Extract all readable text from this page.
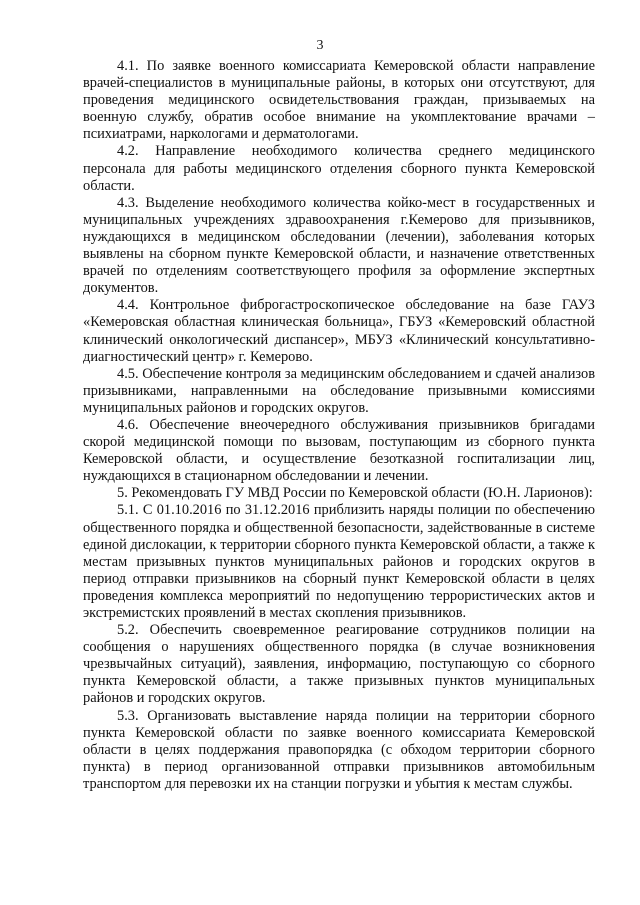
3

4.1. По заявке военного комиссариата Кемеровской области направление врачей-специалистов в муниципальные районы, в которых они отсутствуют, для проведения медицинского освидетельствования граждан, призываемых на военную службу, обратив особое внимание на укомплектование врачами – психиатрами, наркологами и дерматологами.

4.2. Направление необходимого количества среднего медицинского персонала для работы медицинского отделения сборного пункта Кемеровской области.

4.3. Выделение необходимого количества койко-мест в государственных и муниципальных учреждениях здравоохранения г.Кемерово для призывников, нуждающихся в медицинском обследовании (лечении), заболевания которых выявлены на сборном пункте Кемеровской области, и назначение ответственных врачей по отделениям соответствующего профиля за оформление экспертных документов.

4.4. Контрольное фиброгастроскопическое обследование на базе ГАУЗ «Кемеровская областная клиническая больница», ГБУЗ «Кемеровский областной клинический онкологический диспансер», МБУЗ «Клинический консультативно-диагностический центр» г. Кемерово.

4.5. Обеспечение контроля за медицинским обследованием и сдачей анализов призывниками, направленными на обследование призывными комиссиями муниципальных районов и городских округов.

4.6. Обеспечение внеочередного обслуживания призывников бригадами скорой медицинской помощи по вызовам, поступающим из сборного пункта Кемеровской области, и осуществление безотказной госпитализации лиц, нуждающихся в стационарном обследовании и лечении.

5. Рекомендовать ГУ МВД России по Кемеровской области (Ю.Н. Ларионов):

5.1. С 01.10.2016 по 31.12.2016 приблизить наряды полиции по обеспечению общественного порядка и общественной безопасности, задействованные в системе единой дислокации, к территории сборного пункта Кемеровской области, а также к местам призывных пунктов муниципальных районов и городских округов в период отправки призывников на сборный пункт Кемеровской области в целях проведения комплекса мероприятий по недопущению террористических актов и экстремистских проявлений в местах скопления призывников.

5.2. Обеспечить своевременное реагирование сотрудников полиции на сообщения о нарушениях общественного порядка (в случае возникновения чрезвычайных ситуаций), заявления, информацию, поступающую со сборного пункта Кемеровской области, а также призывных пунктов муниципальных районов и городских округов.

5.3. Организовать выставление наряда полиции на территории сборного пункта Кемеровской области по заявке военного комиссариата Кемеровской области в целях поддержания правопорядка (с обходом территории сборного пункта) в период организованной отправки призывников автомобильным транспортом для перевозки их на станции погрузки и убытия к местам службы.
